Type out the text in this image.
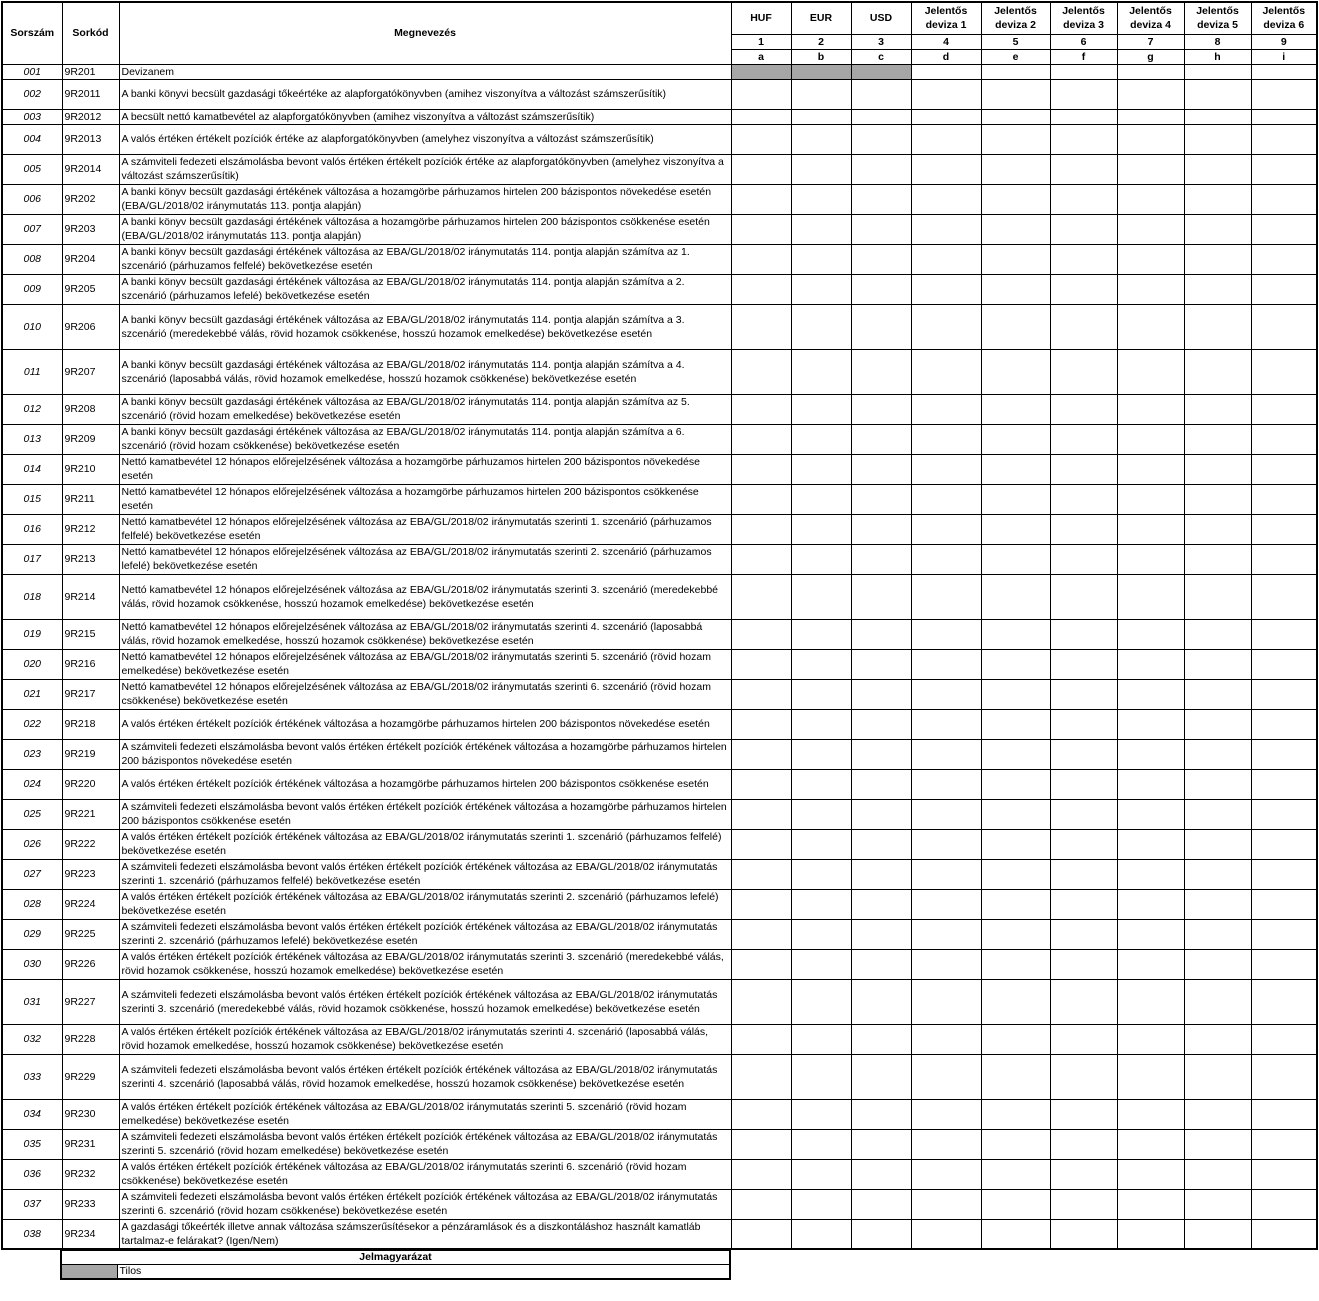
Sorszám	Sorkód	Megnevezés	HUF	EUR	USD	Jelentős deviza 1	Jelentős deviza 2	Jelentős deviza 3	Jelentős deviza 4	Jelentős deviza 5	Jelentős deviza 6
			1	2	3	4	5	6	7	8	9
			a	b	c	d	e	f	g	h	i
001	9R201	Devizanem									
002	9R2011	A banki könyvi becsült gazdasági tőkeértéke az alapforgatókönyvben (amihez viszonyítva a változást számszerűsítik)									
003	9R2012	A becsült nettó kamatbevétel az alapforgatókönyvben (amihez viszonyítva a változást számszerűsítik)									
004	9R2013	A valós értéken értékelt pozíciók értéke az alapforgatókönyvben (amelyhez viszonyítva a változást számszerűsítik)									
005	9R2014	A számviteli fedezeti elszámolásba bevont valós értéken értékelt pozíciók értéke az alapforgatókönyvben (amelyhez viszonyítva a változást számszerűsítik)									
006	9R202	A banki könyv becsült gazdasági értékének változása a hozamgörbe párhuzamos hirtelen 200 bázispontos növekedése esetén (EBA/GL/2018/02 iránymutatás 113. pontja alapján)									
007	9R203	A banki könyv becsült gazdasági értékének változása a hozamgörbe párhuzamos hirtelen 200 bázispontos csökkenése esetén (EBA/GL/2018/02 iránymutatás 113. pontja alapján)									
008	9R204	A banki könyv becsült gazdasági értékének változása az EBA/GL/2018/02 iránymutatás 114. pontja alapján számítva az 1. szcenárió (párhuzamos felfelé) bekövetkezése esetén									
009	9R205	A banki könyv becsült gazdasági értékének változása az EBA/GL/2018/02 iránymutatás 114. pontja alapján számítva a 2. szcenárió (párhuzamos lefelé) bekövetkezése esetén									
010	9R206	A banki könyv becsült gazdasági értékének változása az EBA/GL/2018/02 iránymutatás 114. pontja alapján számítva a 3. szcenárió (meredekebbé válás, rövid hozamok csökkenése, hosszú hozamok emelkedése) bekövetkezése esetén									
011	9R207	A banki könyv becsült gazdasági értékének változása az EBA/GL/2018/02 iránymutatás 114. pontja alapján számítva a 4. szcenárió (laposabbá válás, rövid hozamok emelkedése, hosszú hozamok csökkenése) bekövetkezése esetén									
012	9R208	A banki könyv becsült gazdasági értékének változása az EBA/GL/2018/02 iránymutatás 114. pontja alapján számítva az 5. szcenárió (rövid hozam emelkedése) bekövetkezése esetén									
013	9R209	A banki könyv becsült gazdasági értékének változása az EBA/GL/2018/02 iránymutatás 114. pontja alapján számítva a 6. szcenárió (rövid hozam csökkenése) bekövetkezése esetén									
014	9R210	Nettó kamatbevétel 12 hónapos előrejelzésének változása a hozamgörbe párhuzamos hirtelen 200 bázispontos növekedése esetén									
015	9R211	Nettó kamatbevétel 12 hónapos előrejelzésének változása a hozamgörbe párhuzamos hirtelen 200 bázispontos csökkenése esetén									
016	9R212	Nettó kamatbevétel 12 hónapos előrejelzésének változása az EBA/GL/2018/02 iránymutatás szerinti 1. szcenárió (párhuzamos felfelé) bekövetkezése esetén									
017	9R213	Nettó kamatbevétel 12 hónapos előrejelzésének változása az EBA/GL/2018/02 iránymutatás szerinti 2. szcenárió (párhuzamos lefelé) bekövetkezése esetén									
018	9R214	Nettó kamatbevétel 12 hónapos előrejelzésének változása az EBA/GL/2018/02 iránymutatás szerinti 3. szcenárió (meredekebbé válás, rövid hozamok csökkenése, hosszú hozamok emelkedése) bekövetkezése esetén									
019	9R215	Nettó kamatbevétel 12 hónapos előrejelzésének változása az EBA/GL/2018/02 iránymutatás szerinti 4. szcenárió (laposabbá válás, rövid hozamok emelkedése, hosszú hozamok csökkenése) bekövetkezése esetén									
020	9R216	Nettó kamatbevétel 12 hónapos előrejelzésének változása az EBA/GL/2018/02 iránymutatás szerinti 5. szcenárió (rövid hozam emelkedése) bekövetkezése esetén									
021	9R217	Nettó kamatbevétel 12 hónapos előrejelzésének változása az EBA/GL/2018/02 iránymutatás szerinti 6. szcenárió (rövid hozam csökkenése) bekövetkezése esetén									
022	9R218	A valós értéken értékelt pozíciók értékének változása a hozamgörbe párhuzamos hirtelen 200 bázispontos növekedése esetén									
023	9R219	A számviteli fedezeti elszámolásba bevont valós értéken értékelt pozíciók értékének változása a hozamgörbe párhuzamos hirtelen 200 bázispontos növekedése esetén									
024	9R220	A valós értéken értékelt pozíciók értékének változása a hozamgörbe párhuzamos hirtelen 200 bázispontos csökkenése esetén									
025	9R221	A számviteli fedezeti elszámolásba bevont valós értéken értékelt pozíciók értékének változása a hozamgörbe párhuzamos hirtelen 200 bázispontos csökkenése esetén									
026	9R222	A valós értéken értékelt pozíciók értékének változása az EBA/GL/2018/02 iránymutatás szerinti 1. szcenárió (párhuzamos felfelé) bekövetkezése esetén									
027	9R223	A számviteli fedezeti elszámolásba bevont valós értéken értékelt pozíciók értékének változása az EBA/GL/2018/02 iránymutatás szerinti 1. szcenárió (párhuzamos felfelé) bekövetkezése esetén									
028	9R224	A valós értéken értékelt pozíciók értékének változása az EBA/GL/2018/02 iránymutatás szerinti 2. szcenárió (párhuzamos lefelé) bekövetkezése esetén									
029	9R225	A számviteli fedezeti elszámolásba bevont valós értéken értékelt pozíciók értékének változása az EBA/GL/2018/02 iránymutatás szerinti 2. szcenárió (párhuzamos lefelé) bekövetkezése esetén									
030	9R226	A valós értéken értékelt pozíciók értékének változása az EBA/GL/2018/02 iránymutatás szerinti 3. szcenárió (meredekebbé válás, rövid hozamok csökkenése, hosszú hozamok emelkedése) bekövetkezése esetén									
031	9R227	A számviteli fedezeti elszámolásba bevont valós értéken értékelt pozíciók értékének változása az EBA/GL/2018/02 iránymutatás szerinti 3. szcenárió (meredekebbé válás, rövid hozamok csökkenése, hosszú hozamok emelkedése) bekövetkezése esetén									
032	9R228	A valós értéken értékelt pozíciók értékének változása az EBA/GL/2018/02 iránymutatás szerinti 4. szcenárió (laposabbá válás, rövid hozamok emelkedése, hosszú hozamok csökkenése) bekövetkezése esetén									
033	9R229	A számviteli fedezeti elszámolásba bevont valós értéken értékelt pozíciók értékének változása az EBA/GL/2018/02 iránymutatás szerinti 4. szcenárió (laposabbá válás, rövid hozamok emelkedése, hosszú hozamok csökkenése) bekövetkezése esetén									
034	9R230	A valós értéken értékelt pozíciók értékének változása az EBA/GL/2018/02 iránymutatás szerinti 5. szcenárió (rövid hozam emelkedése) bekövetkezése esetén									
035	9R231	A számviteli fedezeti elszámolásba bevont valós értéken értékelt pozíciók értékének változása az EBA/GL/2018/02 iránymutatás szerinti 5. szcenárió (rövid hozam emelkedése) bekövetkezése esetén									
036	9R232	A valós értéken értékelt pozíciók értékének változása az EBA/GL/2018/02 iránymutatás szerinti 6. szcenárió (rövid hozam csökkenése) bekövetkezése esetén									
037	9R233	A számviteli fedezeti elszámolásba bevont valós értéken értékelt pozíciók értékének változása az EBA/GL/2018/02 iránymutatás szerinti 6. szcenárió (rövid hozam csökkenése) bekövetkezése esetén									
038	9R234	A gazdasági tőkeérték illetve annak változása számszerűsítésekor a pénzáramlások és a diszkontáláshoz használt kamatláb tartalmaz-e felárakat? (Igen/Nem)									
Jelmagyarázat
	Tilos
